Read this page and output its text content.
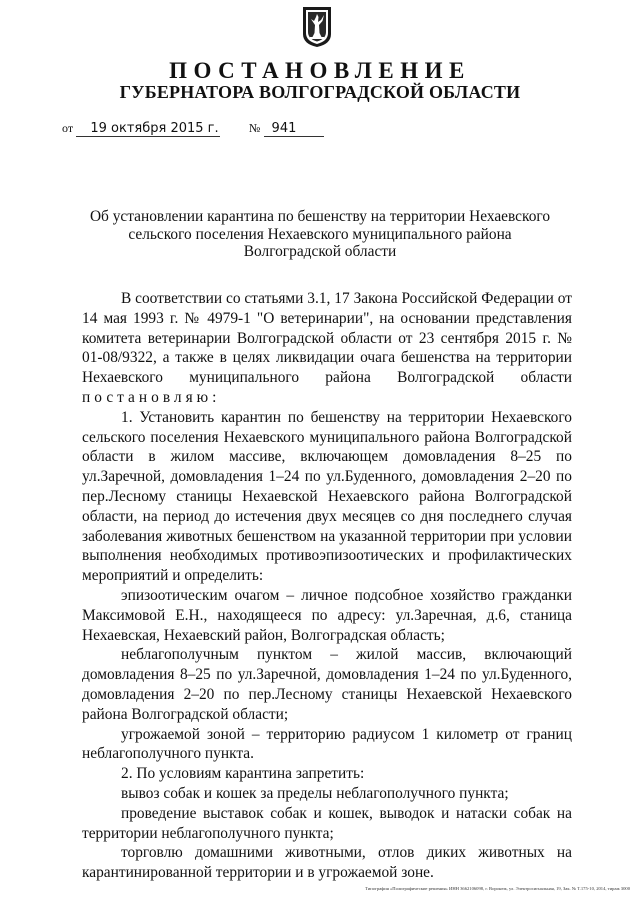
ПОСТАНОВЛЕНИЕ
ГУБЕРНАТОРА ВОЛГОГРАДСКОЙ ОБЛАСТИ
от 19 октября 2015 г.	№ 941
Об установлении карантина по бешенству на территории Нехаевского сельского поселения Нехаевского муниципального района Волгоградской области

В соответствии со статьями 3.1, 17 Закона Российской Федерации от 14 мая 1993 г. № 4979-1 "О ветеринарии", на основании представления комитета ветеринарии Волгоградской области от 23 сентября 2015 г. № 01-08/9322, а также в целях ликвидации очага бешенства на территории Нехаевского муниципального района Волгоградской области постановляю:

1. Установить карантин по бешенству на территории Нехаевского сельского поселения Нехаевского муниципального района Волгоградской области в жилом массиве, включающем домовладения 8–25 по ул.Заречной, домовладения 1–24 по ул.Буденного, домовладения 2–20 по пер.Лесному станицы Нехаевской Нехаевского района Волгоградской области, на период до истечения двух месяцев со дня последнего случая заболевания животных бешенством на указанной территории при условии выполнения необходимых противоэпизоотических и профилактических мероприятий и определить:

эпизоотическим очагом – личное подсобное хозяйство гражданки Максимовой Е.Н., находящееся по адресу: ул.Заречная, д.6, станица Нехаевская, Нехаевский район, Волгоградская область;

неблагополучным пунктом – жилой массив, включающий домовладения 8–25 по ул.Заречной, домовладения 1–24 по ул.Буденного, домовладения 2–20 по пер.Лесному станицы Нехаевской Нехаевского района Волгоградской области;

угрожаемой зоной – территорию радиусом 1 километр от границ неблагополучного пункта.

2. По условиям карантина запретить:

вывоз собак и кошек за пределы неблагополучного пункта;

проведение выставок собак и кошек, выводок и натаски собак на территории неблагополучного пункта;

торговлю домашними животными, отлов диких животных на карантинированной территории и в угрожаемой зоне.

Типография «Полиграфические решения» ИНН 3662106098, г. Воронеж, ул. Электросигнальная, 19, Зак. № Т.175-10, 2014, тираж 3000
